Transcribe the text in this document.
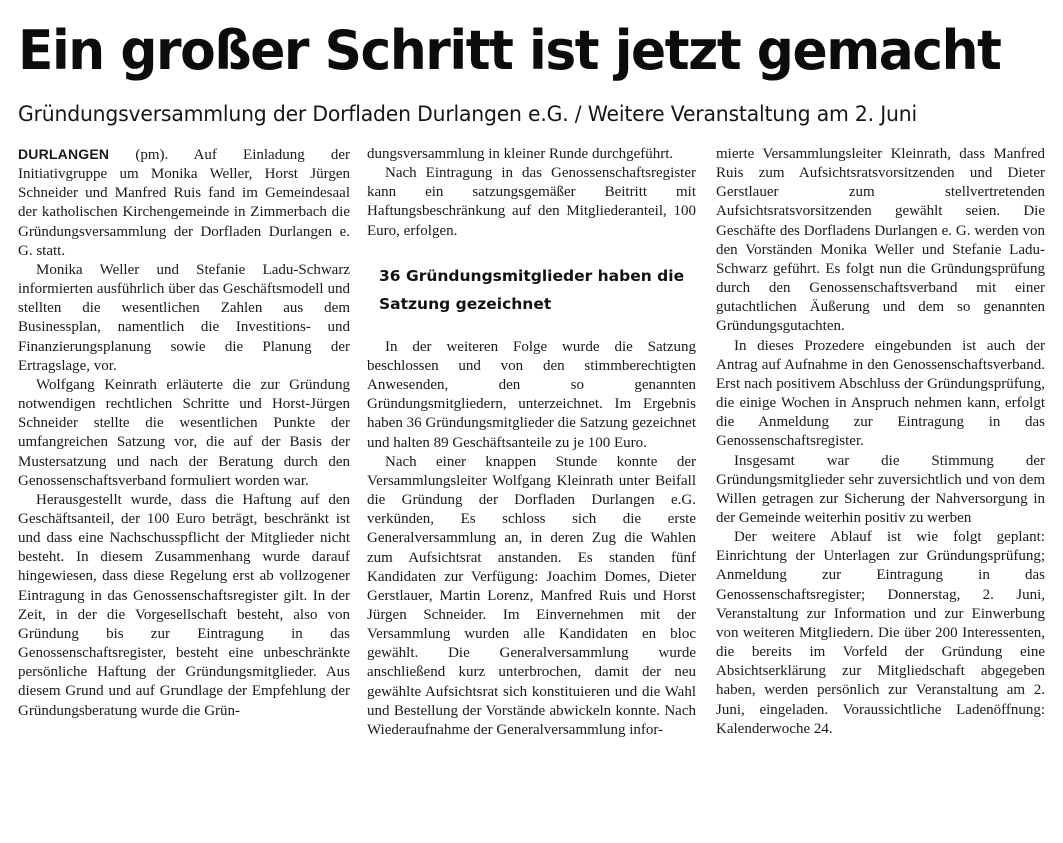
Ein großer Schritt ist jetzt gemacht
Gründungsversammlung der Dorfladen Durlangen e.G. / Weitere Veranstaltung am 2. Juni

DURLANGEN (pm). Auf Einladung der Initiativgruppe um Monika Weller, Horst Jürgen Schneider und Manfred Ruis fand im Gemeindesaal der katholischen Kirchengemeinde in Zimmerbach die Gründungsversammlung der Dorfladen Durlangen e. G. statt.

Monika Weller und Stefanie Ladu-Schwarz informierten ausführlich über das Geschäftsmodell und stellten die wesentlichen Zahlen aus dem Businessplan, namentlich die Investitions- und Finanzierungsplanung sowie die Planung der Ertragslage, vor.

Wolfgang Keinrath erläuterte die zur Gründung notwendigen rechtlichen Schritte und Horst-Jürgen Schneider stellte die wesentlichen Punkte der umfangreichen Satzung vor, die auf der Basis der Mustersatzung und nach der Beratung durch den Genossenschaftsverband formuliert worden war.

Herausgestellt wurde, dass die Haftung auf den Geschäftsanteil, der 100 Euro beträgt, beschränkt ist und dass eine Nachschusspflicht der Mitglieder nicht besteht. In diesem Zusammenhang wurde darauf hingewiesen, dass diese Regelung erst ab vollzogener Eintragung in das Genossenschaftsregister gilt. In der Zeit, in der die Vorgesellschaft besteht, also von Gründung bis zur Eintragung in das Genossenschaftsregister, besteht eine unbeschränkte persönliche Haftung der Gründungsmitglieder. Aus diesem Grund und auf Grundlage der Empfehlung der Gründungsberatung wurde die Grün-

dungsversammlung in kleiner Runde durchgeführt.

Nach Eintragung in das Genossenschaftsregister kann ein satzungsgemäßer Beitritt mit Haftungsbeschränkung auf den Mitgliederanteil, 100 Euro, erfolgen.

36 Gründungsmitglieder haben die Satzung gezeichnet

In der weiteren Folge wurde die Satzung beschlossen und von den stimmberechtigten Anwesenden, den so genannten Gründungsmitgliedern, unterzeichnet. Im Ergebnis haben 36 Gründungsmitglieder die Satzung gezeichnet und halten 89 Geschäftsanteile zu je 100 Euro.

Nach einer knappen Stunde konnte der Versammlungsleiter Wolfgang Kleinrath unter Beifall die Gründung der Dorfladen Durlangen e.G. verkünden, Es schloss sich die erste Generalversammlung an, in deren Zug die Wahlen zum Aufsichtsrat anstanden. Es standen fünf Kandidaten zur Verfügung: Joachim Domes, Dieter Gerstlauer, Martin Lorenz, Manfred Ruis und Horst Jürgen Schneider. Im Einvernehmen mit der Versammlung wurden alle Kandidaten en bloc gewählt. Die Generalversammlung wurde anschließend kurz unterbrochen, damit der neu gewählte Aufsichtsrat sich konstituieren und die Wahl und Bestellung der Vorstände abwickeln konnte. Nach Wiederaufnahme der Generalversammlung infor-

mierte Versammlungsleiter Kleinrath, dass Manfred Ruis zum Aufsichtsratsvorsitzenden und Dieter Gerstlauer zum stellvertretenden Aufsichtsratsvorsitzenden gewählt seien. Die Geschäfte des Dorfladens Durlangen e. G. werden von den Vorständen Monika Weller und Stefanie Ladu-Schwarz geführt. Es folgt nun die Gründungsprüfung durch den Genossenschaftsverband mit einer gutachtlichen Äußerung und dem so genannten Gründungsgutachten.

In dieses Prozedere eingebunden ist auch der Antrag auf Aufnahme in den Genossenschaftsverband. Erst nach positivem Abschluss der Gründungsprüfung, die einige Wochen in Anspruch nehmen kann, erfolgt die Anmeldung zur Eintragung in das Genossenschaftsregister.

Insgesamt war die Stimmung der Gründungsmitglieder sehr zuversichtlich und von dem Willen getragen zur Sicherung der Nahversorgung in der Gemeinde weiterhin positiv zu werben

Der weitere Ablauf ist wie folgt geplant: Einrichtung der Unterlagen zur Gründungsprüfung; Anmeldung zur Eintragung in das Genossenschaftsregister; Donnerstag, 2. Juni, Veranstaltung zur Information und zur Einwerbung von weiteren Mitgliedern. Die über 200 Interessenten, die bereits im Vorfeld der Gründung eine Absichtserklärung zur Mitgliedschaft abgegeben haben, werden persönlich zur Veranstaltung am 2. Juni, eingeladen. Voraussichtliche Ladenöffnung: Kalenderwoche 24.
